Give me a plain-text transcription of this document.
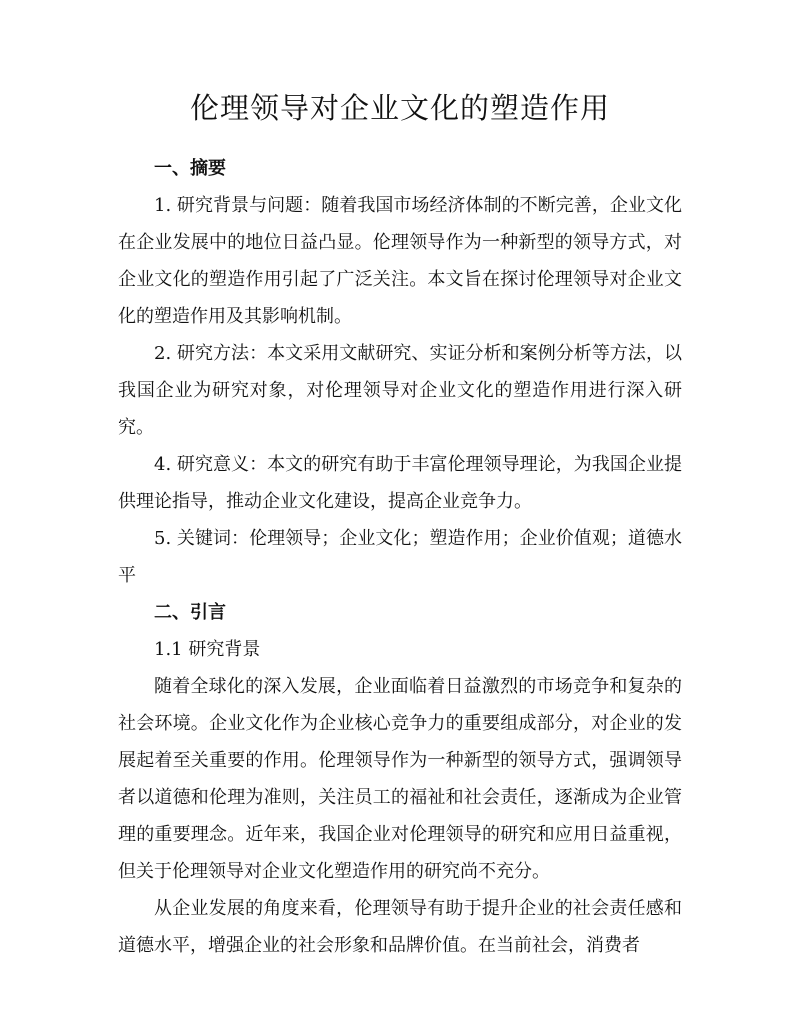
伦理领导对企业文化的塑造作用
一、摘要

1. 研究背景与问题：随着我国市场经济体制的不断完善，企业文化在企业发展中的地位日益凸显。伦理领导作为一种新型的领导方式，对企业文化的塑造作用引起了广泛关注。本文旨在探讨伦理领导对企业文化的塑造作用及其影响机制。

2. 研究方法：本文采用文献研究、实证分析和案例分析等方法，以我国企业为研究对象，对伦理领导对企业文化的塑造作用进行深入研究。

4. 研究意义：本文的研究有助于丰富伦理领导理论，为我国企业提供理论指导，推动企业文化建设，提高企业竞争力。

5. 关键词：伦理领导；企业文化；塑造作用；企业价值观；道德水平

二、引言

1.1 研究背景

随着全球化的深入发展，企业面临着日益激烈的市场竞争和复杂的社会环境。企业文化作为企业核心竞争力的重要组成部分，对企业的发展起着至关重要的作用。伦理领导作为一种新型的领导方式，强调领导者以道德和伦理为准则，关注员工的福祉和社会责任，逐渐成为企业管理的重要理念。近年来，我国企业对伦理领导的研究和应用日益重视，但关于伦理领导对企业文化塑造作用的研究尚不充分。

从企业发展的角度来看，伦理领导有助于提升企业的社会责任感和道德水平，增强企业的社会形象和品牌价值。在当前社会，消费者
